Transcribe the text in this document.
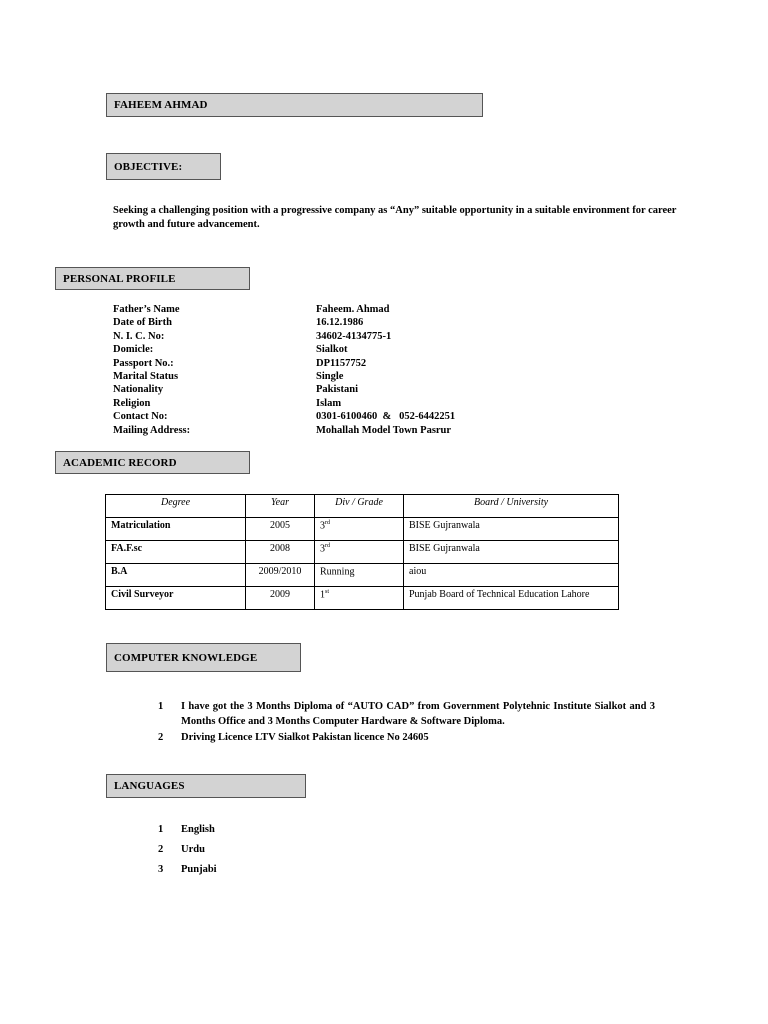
FAHEEM AHMAD
OBJECTIVE:
Seeking a challenging position with a progressive company as “Any” suitable opportunity in a suitable environment for career growth and future advancement.
PERSONAL PROFILE
Father’s Name	Faheem. Ahmad
Date of Birth	16.12.1986
N. I. C. No:	34602-4134775-1
Domicle:	Sialkot
Passport No.:	DP1157752
Marital Status	Single
Nationality	Pakistani
Religion	Islam
Contact No:	0301-6100460  &   052-6442251
Mailing Address:	Mohallah Model Town Pasrur
ACADEMIC RECORD
Degree	Year	Div / Grade	Board / University
Matriculation	2005	3rd	BISE Gujranwala
FA.F.sc	2008	3rd	BISE Gujranwala
B.A	2009/2010	Running	aiou
Civil Surveyor	2009	1st	Punjab Board of Technical Education Lahore
COMPUTER KNOWLEDGE
1 I have got the 3 Months Diploma of “AUTO CAD” from Government Polytehnic Institute Sialkot and 3 Months Office and 3 Months Computer Hardware & Software Diploma.
2 Driving Licence LTV Sialkot Pakistan licence No 24605
LANGUAGES
1 English
2 Urdu
3 Punjabi
